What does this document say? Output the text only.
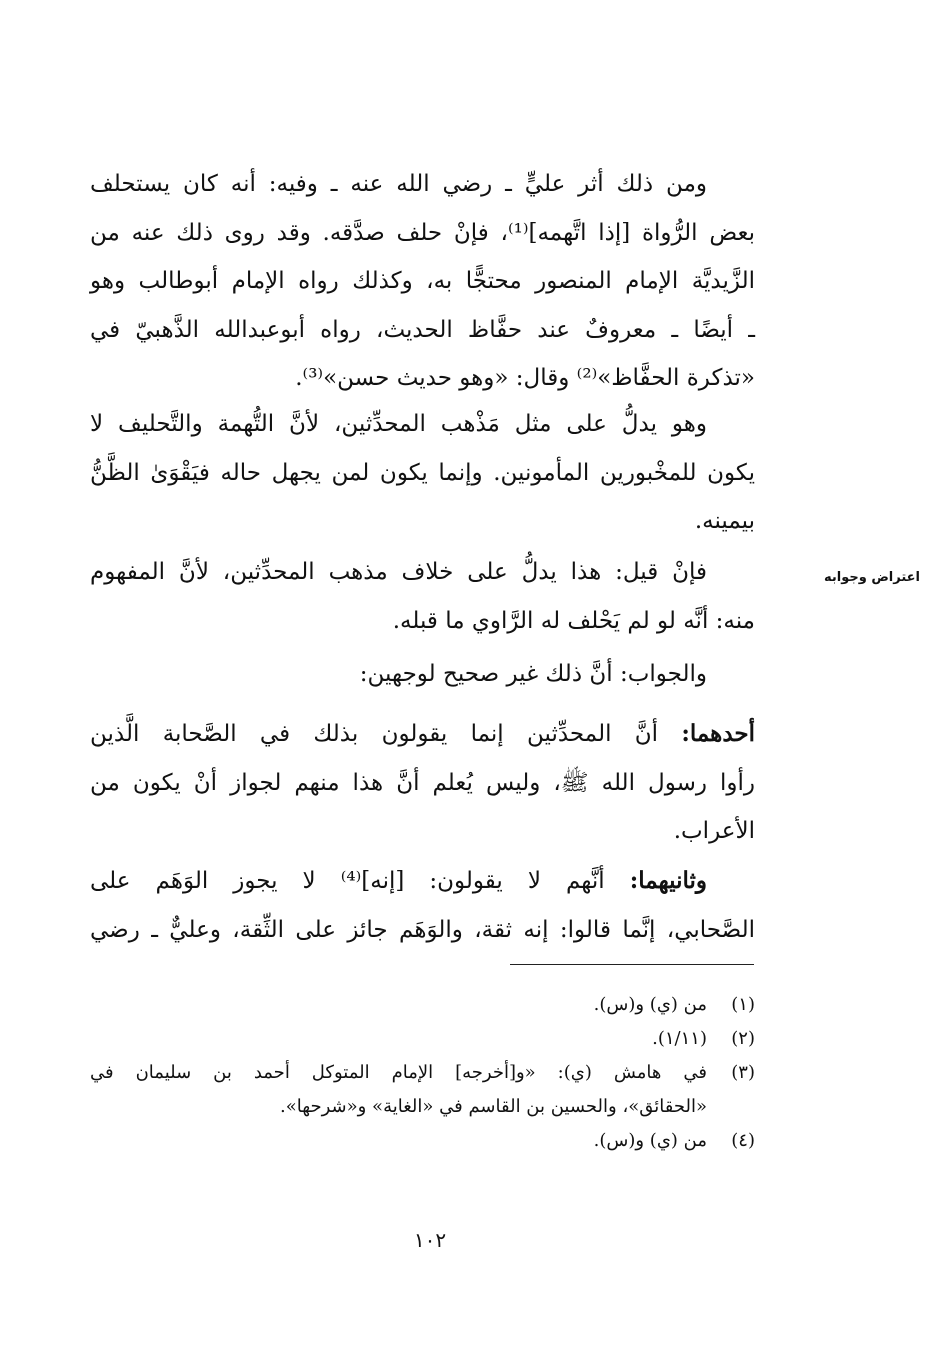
ومن ذلك أثر عليٍّ ـ رضي الله عنه ـ وفيه: أنه كان يستحلف
بعض الرُّواة [إذا اتَّهمه]⁽¹⁾، فإنْ حلف صدَّقه. وقد روى ذلك عنه من
الزَّيديَّة الإمام المنصور محتجًّا به، وكذلك رواه الإمام أبوطالب وهو
ـ أيضًا ـ معروفٌ عند حفَّاظ الحديث، رواه أبوعبدالله الذَّهبيّ في
«تذكرة الحفَّاظ»⁽²⁾ وقال: «وهو حديث حسن»⁽³⁾.
وهو يدلُّ على مثل مَذْهب المحدِّثين، لأنَّ التُّهمة والتَّحليف لا
يكون للمخْبورين المأمونين. وإنما يكون لمن يجهل حاله فيَقْوَىٰ الظَّنُّ
بيمينه.
اعتراض وجوابه
فإنْ قيل: هذا يدلُّ على خلاف مذهب المحدِّثين، لأنَّ المفهوم
منه: أنَّه لو لم يَحْلف له الرَّاوي ما قبله.
والجواب: أنَّ ذلك غير صحيح لوجهين:
أحدهما: أنَّ المحدِّثين إنما يقولون بذلك في الصَّحابة الَّذين
رأوا رسول الله ﷺ، وليس يُعلم أنَّ هذا منهم لجواز أنْ يكون من
الأعراب.
وثانيهما: أنَّهم لا يقولون: [إنه]⁽⁴⁾ لا يجوز الوَهَم على
الصَّحابي، إنَّما قالوا: إنه ثقة، والوَهَم جائز على الثِّقة، وعليٌّ ـ رضي
(١)
من (ي) و(س).
(٢)
(١/١١).
(٣)
في هامش (ي): «و[أخرجه] الإمام المتوكل أحمد بن سليمان في
«الحقائق»، والحسين بن القاسم في «الغاية» و«شرحها».
(٤)
من (ي) و(س).
١٠٢
